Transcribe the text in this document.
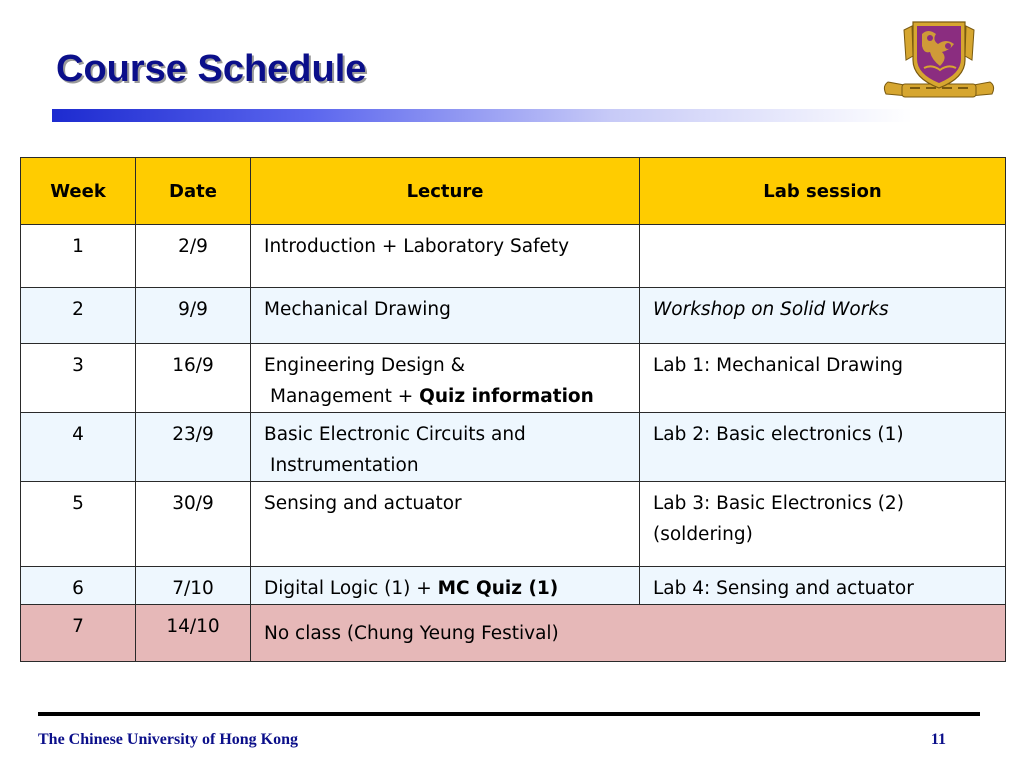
Course Schedule
Week	Date	Lecture	Lab session
1	2/9	Introduction + Laboratory Safety	
2	9/9	Mechanical Drawing	Workshop on Solid Works
3	16/9	Engineering Design &
Management + Quiz information	Lab 1: Mechanical Drawing
4	23/9	Basic Electronic Circuits and
Instrumentation	Lab 2: Basic electronics (1)
5	30/9	Sensing and actuator	Lab 3: Basic Electronics (2)
(soldering)
6	7/10	Digital Logic (1) + MC Quiz (1)	Lab 4: Sensing and actuator
7	14/10	No class (Chung Yeung Festival)	
The Chinese University of Hong Kong	11
